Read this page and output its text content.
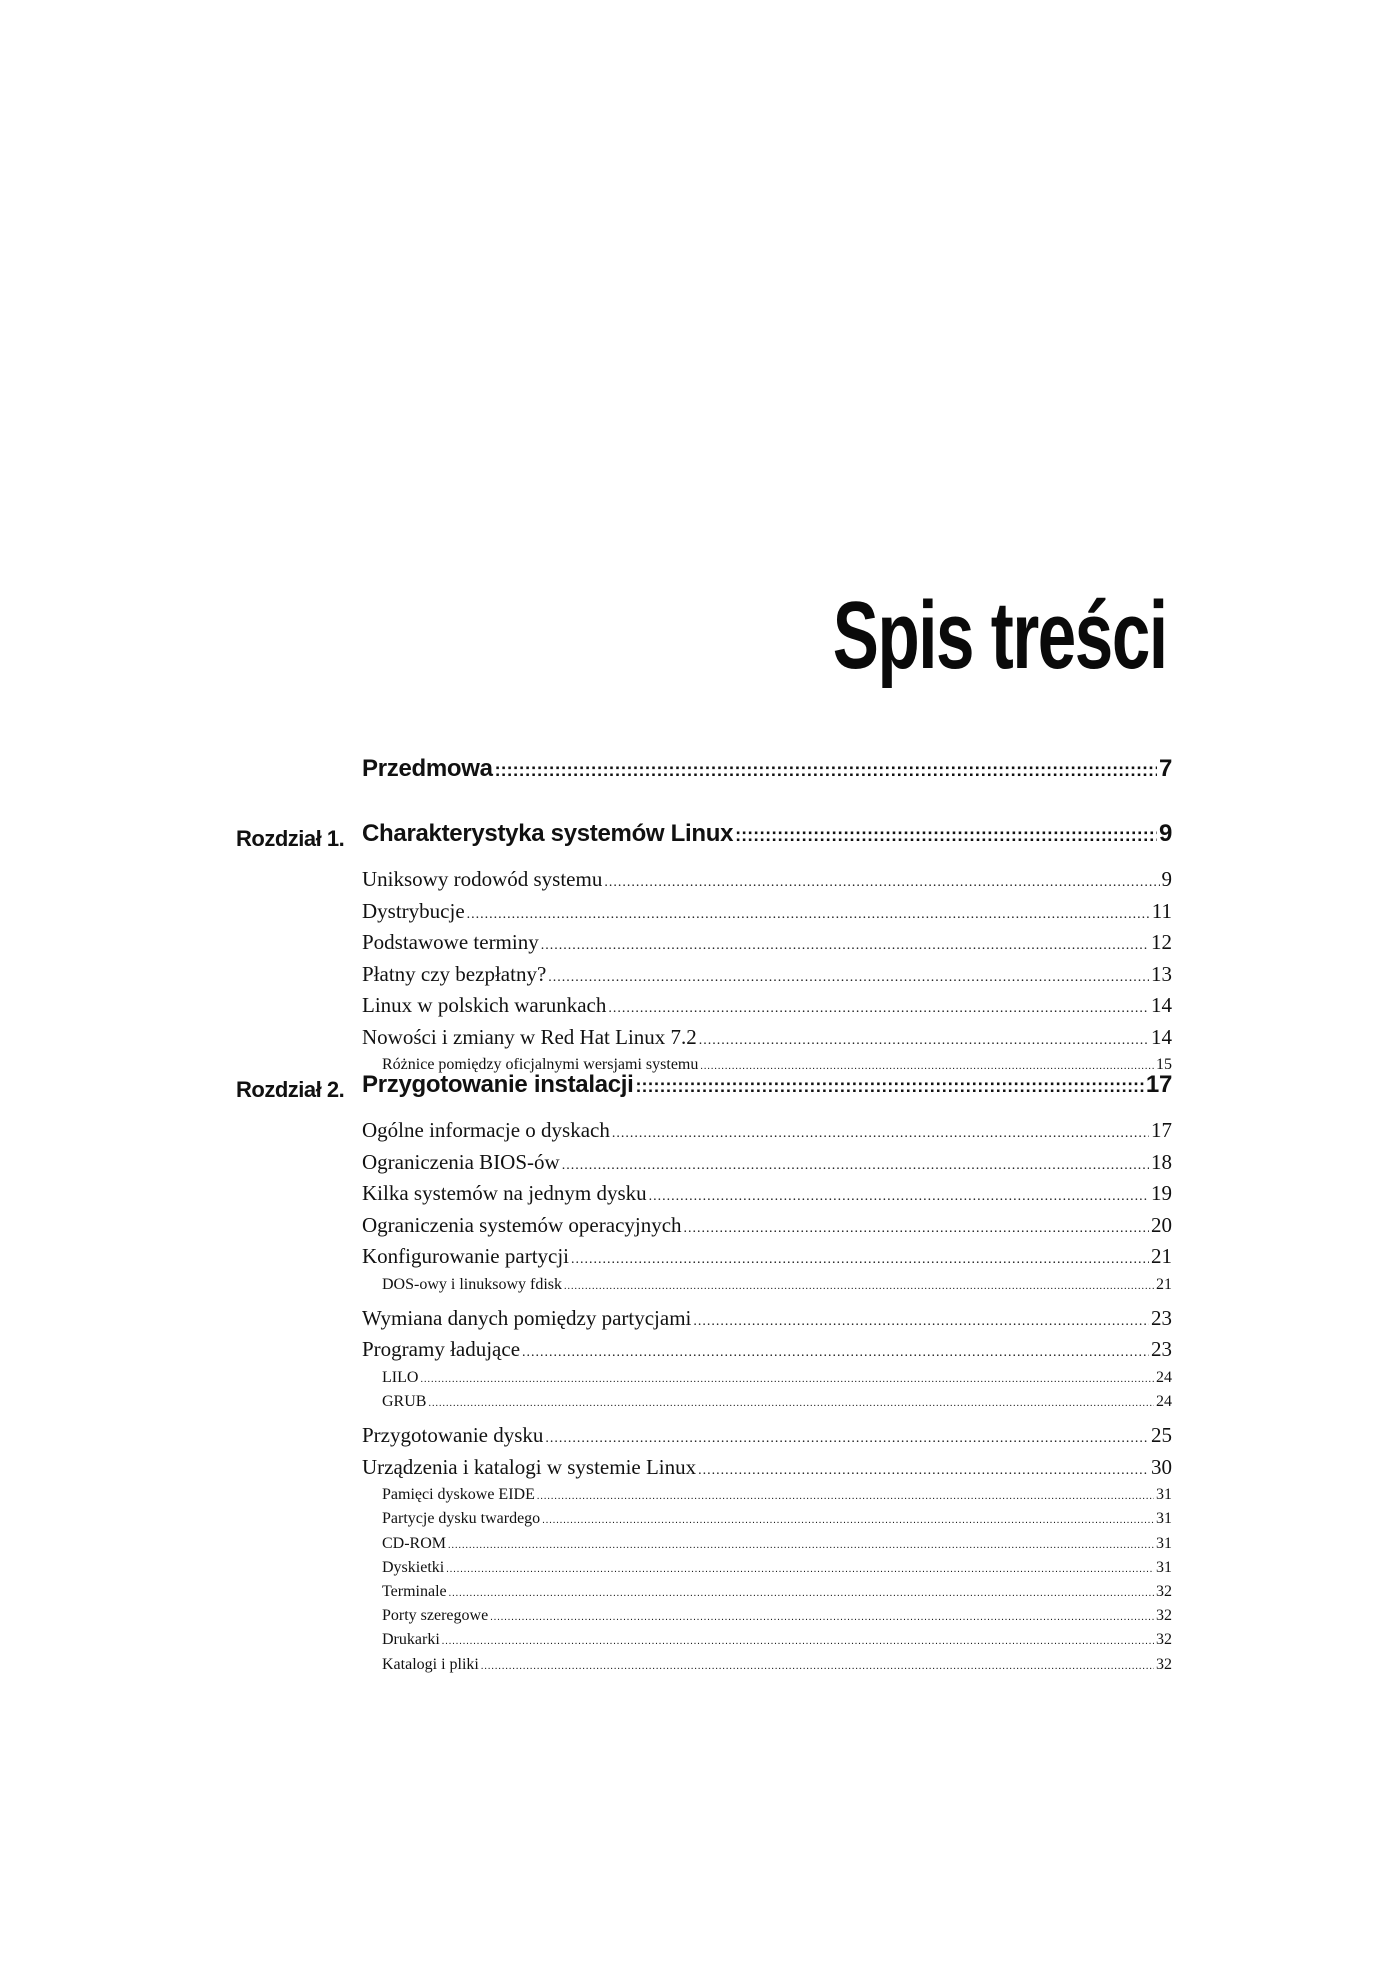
Spis treści
Przedmowa ::::::::::::::::::::::::::::::::::::::::::::::::::::::::::::::::::::::::::::::::::::::::::::::::::::::::::::::::::::::::::::::::::::::::::::::::::::::::::::::::::::::::::::::::::::::::::::::::::::::	7
Rozdział 1. Charakterystyka systemów Linux ::::::::::::::::::::::::::::::::::::::::::::::::::::::::::::::::::::::::::::::::::::::::::::::::::::::::::::::::::::::::::::::::::::::::::::::::::::::::::::::::::::::::::::::::::::::::::::::::::::::	9
Uniksowy rodowód systemu .....	9
Dystrybucje .....	11
Podstawowe terminy .....	12
Płatny czy bezpłatny? .....	13
Linux w polskich warunkach .....	14
Nowości i zmiany w Red Hat Linux 7.2 .....	14
Różnice pomiędzy oficjalnymi wersjami systemu .....	15
Rozdział 2. Przygotowanie instalacji ::::::::::::::::::::::::::::::::::::::::::::::::::::::::::::::::::::::::::::::::::::::::::::::::::::::::::::::::::::::::::::::::::::::::::::::::::::::::::::::::::::::::::::::::::::::::::::::::::::::	17
Ogólne informacje o dyskach .....	17
Ograniczenia BIOS-ów .....	18
Kilka systemów na jednym dysku .....	19
Ograniczenia systemów operacyjnych .....	20
Konfigurowanie partycji .....	21
DOS-owy i linuksowy fdisk .....	21
Wymiana danych pomiędzy partycjami .....	23
Programy ładujące .....	23
LILO .....	24
GRUB .....	24
Przygotowanie dysku .....	25
Urządzenia i katalogi w systemie Linux .....	30
Pamięci dyskowe EIDE .....	31
Partycje dysku twardego .....	31
CD-ROM .....	31
Dyskietki .....	31
Terminale .....	32
Porty szeregowe .....	32
Drukarki .....	32
Katalogi i pliki .....	32
